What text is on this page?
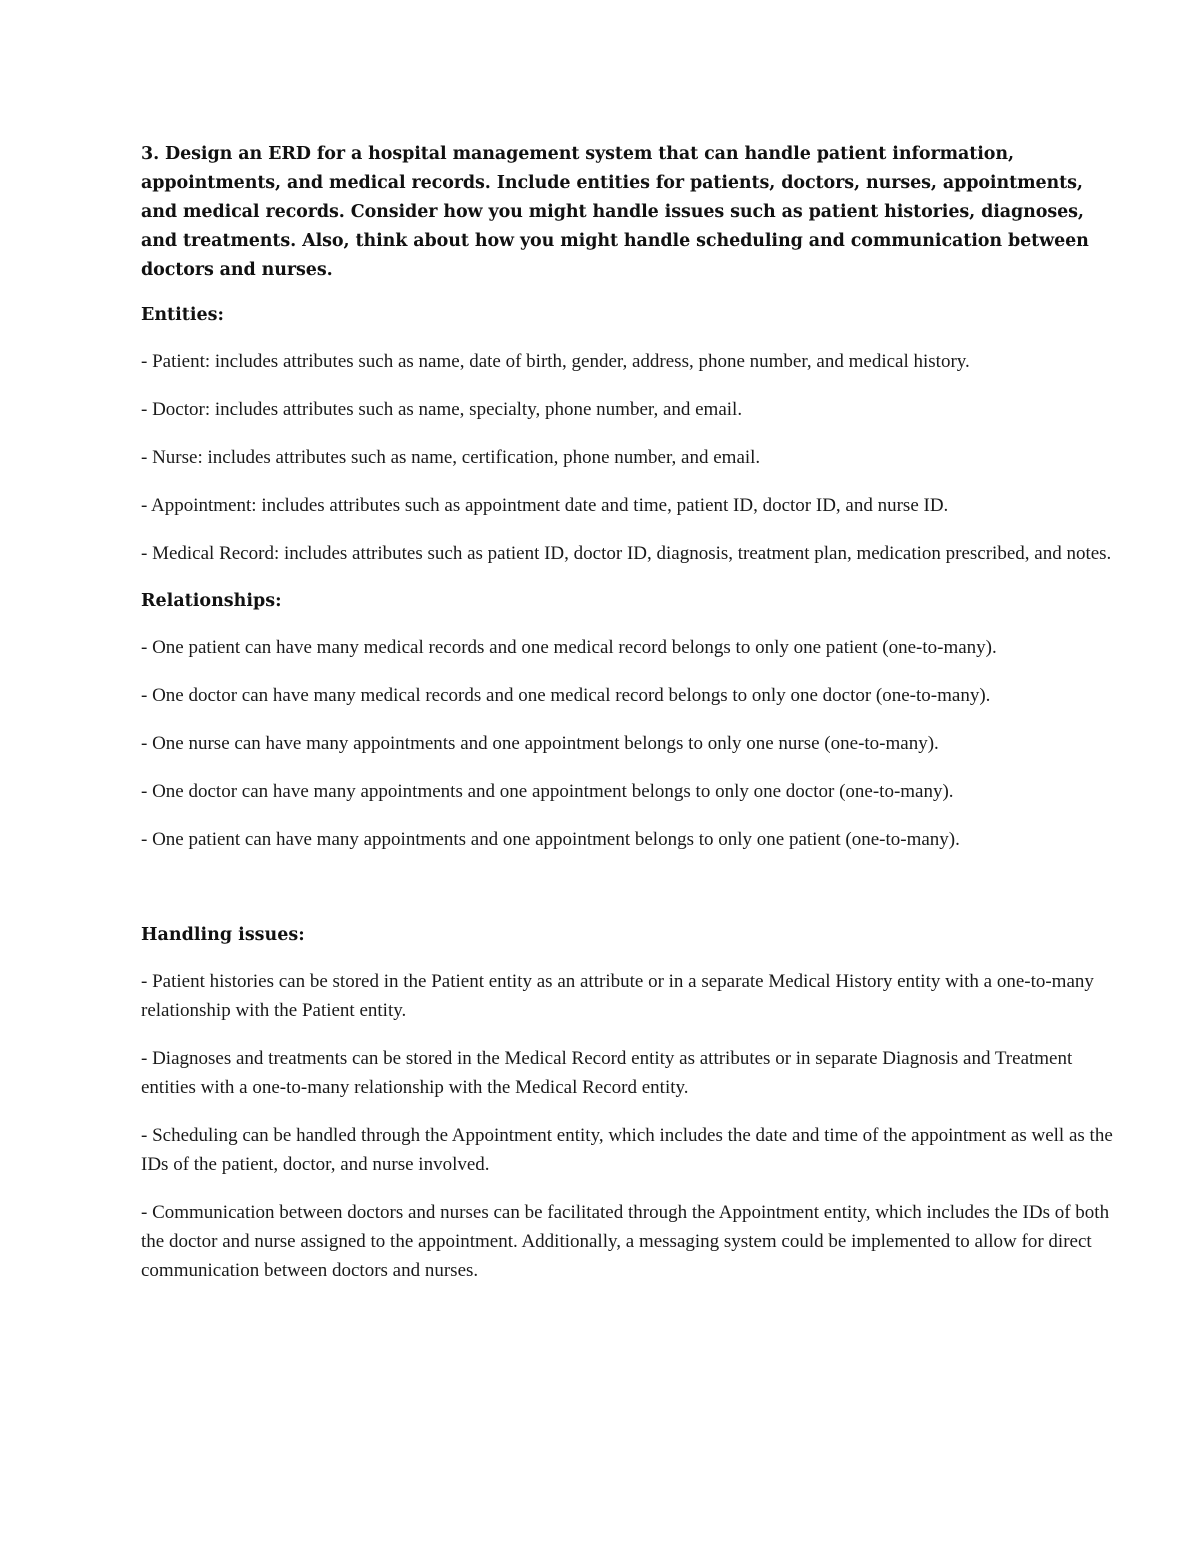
3. Design an ERD for a hospital management system that can handle patient information, appointments, and medical records. Include entities for patients, doctors, nurses, appointments, and medical records. Consider how you might handle issues such as patient histories, diagnoses, and treatments. Also, think about how you might handle scheduling and communication between doctors and nurses.

Entities:

- Patient: includes attributes such as name, date of birth, gender, address, phone number, and medical history.

- Doctor: includes attributes such as name, specialty, phone number, and email.

- Nurse: includes attributes such as name, certification, phone number, and email.

- Appointment: includes attributes such as appointment date and time, patient ID, doctor ID, and nurse ID.

- Medical Record: includes attributes such as patient ID, doctor ID, diagnosis, treatment plan, medication prescribed, and notes.

Relationships:

- One patient can have many medical records and one medical record belongs to only one patient (one-to-many).

- One doctor can have many medical records and one medical record belongs to only one doctor (one-to-many).

- One nurse can have many appointments and one appointment belongs to only one nurse (one-to-many).

- One doctor can have many appointments and one appointment belongs to only one doctor (one-to-many).

- One patient can have many appointments and one appointment belongs to only one patient (one-to-many).

Handling issues:

- Patient histories can be stored in the Patient entity as an attribute or in a separate Medical History entity with a one-to-many relationship with the Patient entity.

- Diagnoses and treatments can be stored in the Medical Record entity as attributes or in separate Diagnosis and Treatment entities with a one-to-many relationship with the Medical Record entity.

- Scheduling can be handled through the Appointment entity, which includes the date and time of the appointment as well as the IDs of the patient, doctor, and nurse involved.

- Communication between doctors and nurses can be facilitated through the Appointment entity, which includes the IDs of both the doctor and nurse assigned to the appointment. Additionally, a messaging system could be implemented to allow for direct communication between doctors and nurses.
